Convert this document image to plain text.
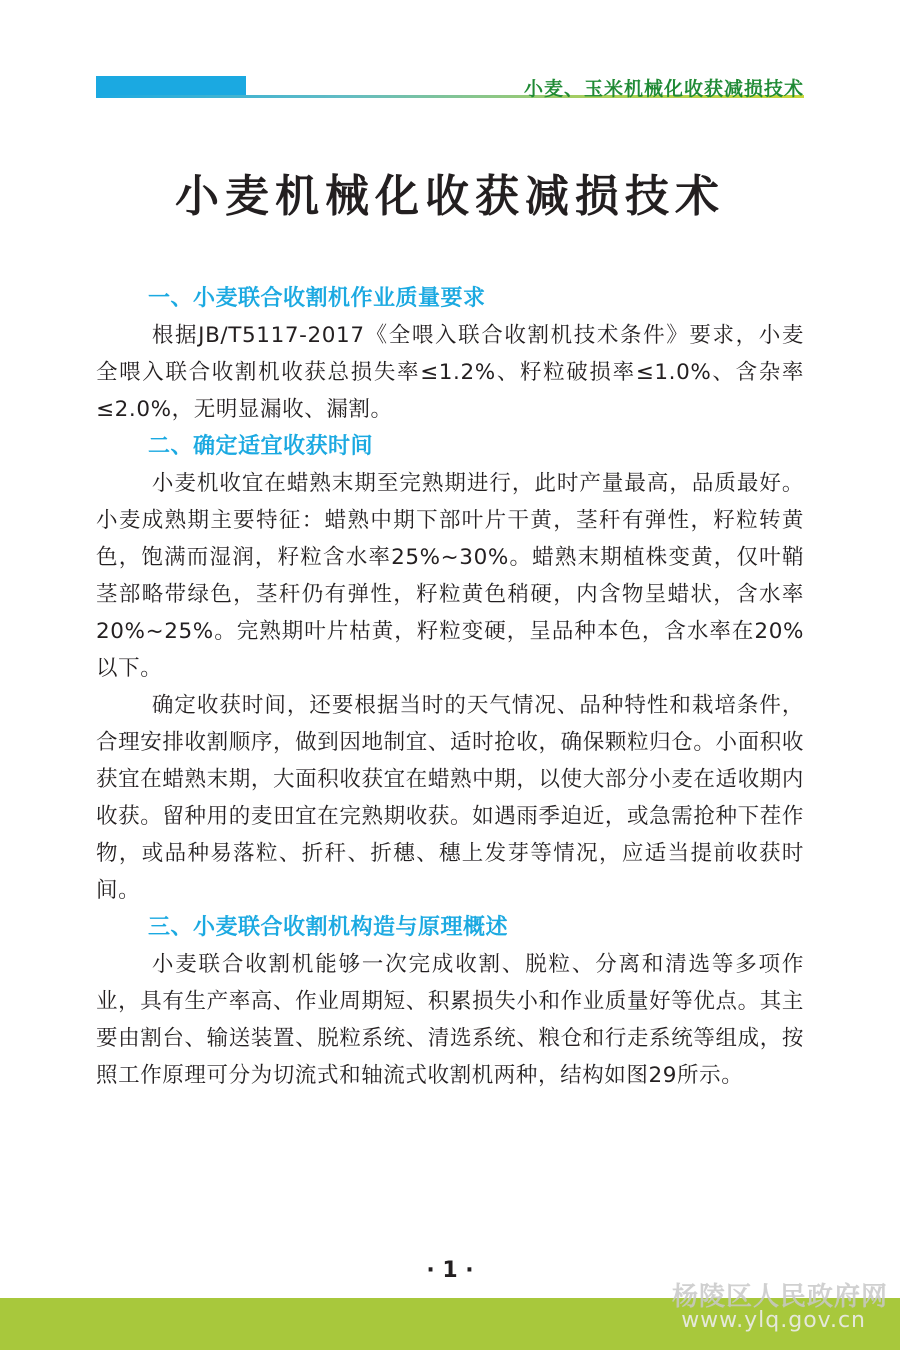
小麦、玉米机械化收获减损技术
小麦机械化收获减损技术
一、小麦联合收割机作业质量要求

根据JB/T5117-2017《全喂入联合收割机技术条件》要求，小麦全喂入联合收割机收获总损失率≤1.2%、籽粒破损率≤1.0%、含杂率≤2.0%，无明显漏收、漏割。

二、确定适宜收获时间

小麦机收宜在蜡熟末期至完熟期进行，此时产量最高，品质最好。小麦成熟期主要特征：蜡熟中期下部叶片干黄，茎秆有弹性，籽粒转黄色，饱满而湿润，籽粒含水率25%~30%。蜡熟末期植株变黄，仅叶鞘茎部略带绿色，茎秆仍有弹性，籽粒黄色稍硬，内含物呈蜡状，含水率20%~25%。完熟期叶片枯黄，籽粒变硬，呈品种本色，含水率在20%以下。

确定收获时间，还要根据当时的天气情况、品种特性和栽培条件，合理安排收割顺序，做到因地制宜、适时抢收，确保颗粒归仓。小面积收获宜在蜡熟末期，大面积收获宜在蜡熟中期，以使大部分小麦在适收期内收获。留种用的麦田宜在完熟期收获。如遇雨季迫近，或急需抢种下茬作物，或品种易落粒、折秆、折穗、穗上发芽等情况，应适当提前收获时间。

三、小麦联合收割机构造与原理概述

小麦联合收割机能够一次完成收割、脱粒、分离和清选等多项作业，具有生产率高、作业周期短、积累损失小和作业质量好等优点。其主要由割台、输送装置、脱粒系统、清选系统、粮仓和行走系统等组成，按照工作原理可分为切流式和轴流式收割机两种，结构如图29所示。

· 1 ·
杨陵区人民政府网
www.ylq.gov.cn
